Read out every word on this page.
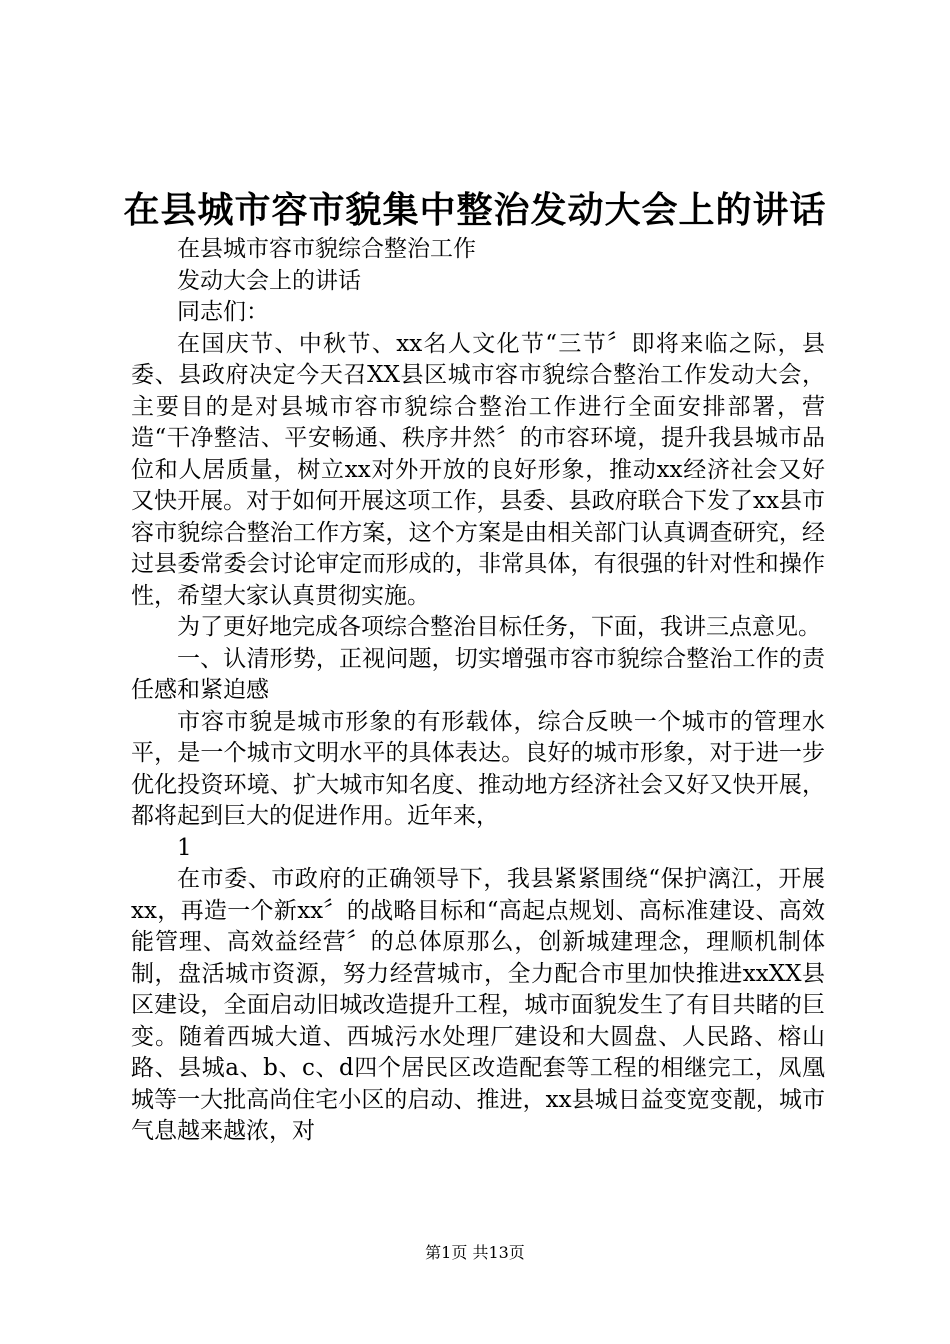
在县城市容市貌集中整治发动大会上的讲话

在县城市容市貌综合整治工作

发动大会上的讲话

同志们：

在国庆节、中秋节、xx名人文化节“三节〞即将来临之际，县委、县政府决定今天召XX县区城市容市貌综合整治工作发动大会，主要目的是对县城市容市貌综合整治工作进行全面安排部署，营造“干净整洁、平安畅通、秩序井然〞的市容环境，提升我县城市品位和人居质量，树立xx对外开放的良好形象，推动xx经济社会又好又快开展。对于如何开展这项工作，县委、县政府联合下发了xx县市容市貌综合整治工作方案，这个方案是由相关部门认真调查研究，经过县委常委会讨论审定而形成的，非常具体，有很强的针对性和操作性，希望大家认真贯彻实施。

为了更好地完成各项综合整治目标任务，下面，我讲三点意见。

一、认清形势，正视问题，切实增强市容市貌综合整治工作的责任感和紧迫感

市容市貌是城市形象的有形载体，综合反映一个城市的管理水平，是一个城市文明水平的具体表达。良好的城市形象，对于进一步优化投资环境、扩大城市知名度、推动地方经济社会又好又快开展，都将起到巨大的促进作用。近年来，

1

在市委、市政府的正确领导下，我县紧紧围绕“保护漓江，开展xx，再造一个新xx〞的战略目标和“高起点规划、高标准建设、高效能管理、高效益经营〞的总体原那么，创新城建理念，理顺机制体制，盘活城市资源，努力经营城市，全力配合市里加快推进xxXX县区建设，全面启动旧城改造提升工程，城市面貌发生了有目共睹的巨变。随着西城大道、西城污水处理厂建设和大圆盘、人民路、榕山路、县城a、b、c、d四个居民区改造配套等工程的相继完工，凤凰城等一大批高尚住宅小区的启动、推进，xx县城日益变宽变靓，城市气息越来越浓，对

第1页 共13页
